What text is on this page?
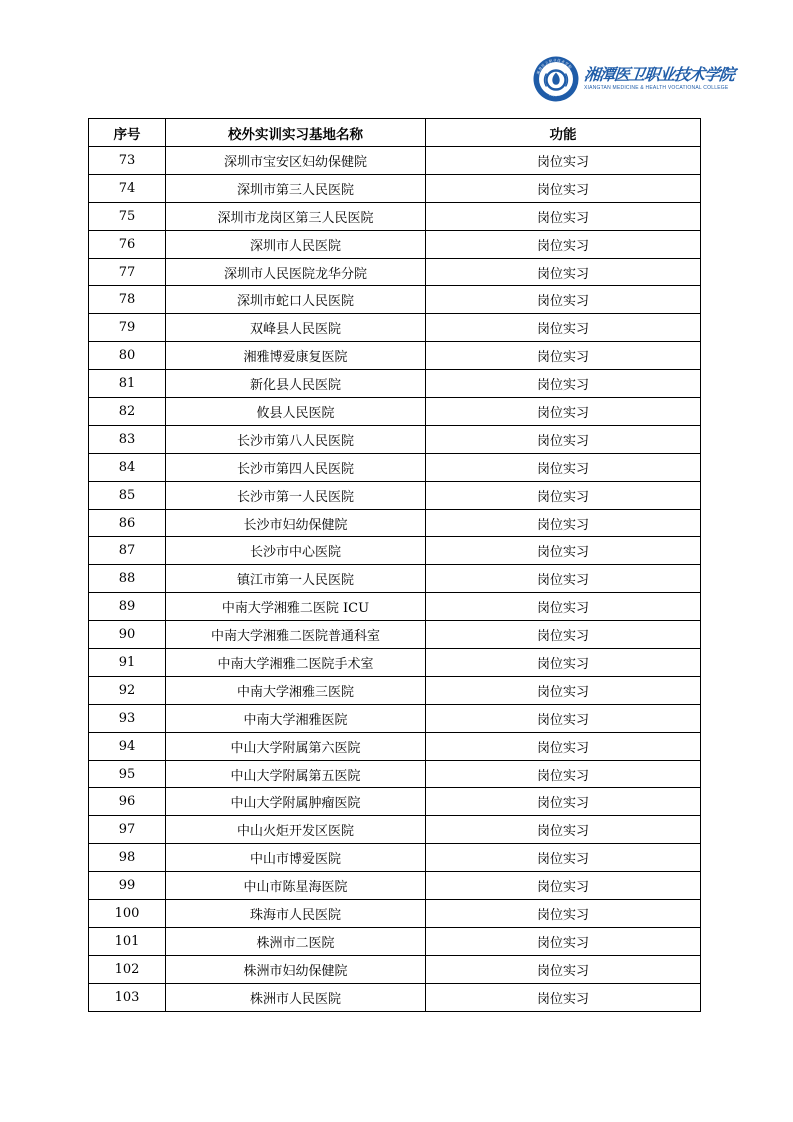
湘潭医卫职业技术学院
1958
湘潭医卫职业技术学院
XIANGTAN MEDICINE & HEALTH VOCATIONAL COLLEGE
序号	校外实训实习基地名称	功能
73	深圳市宝安区妇幼保健院	岗位实习
74	深圳市第三人民医院	岗位实习
75	深圳市龙岗区第三人民医院	岗位实习
76	深圳市人民医院	岗位实习
77	深圳市人民医院龙华分院	岗位实习
78	深圳市蛇口人民医院	岗位实习
79	双峰县人民医院	岗位实习
80	湘雅博爱康复医院	岗位实习
81	新化县人民医院	岗位实习
82	攸县人民医院	岗位实习
83	长沙市第八人民医院	岗位实习
84	长沙市第四人民医院	岗位实习
85	长沙市第一人民医院	岗位实习
86	长沙市妇幼保健院	岗位实习
87	长沙市中心医院	岗位实习
88	镇江市第一人民医院	岗位实习
89	中南大学湘雅二医院 ICU	岗位实习
90	中南大学湘雅二医院普通科室	岗位实习
91	中南大学湘雅二医院手术室	岗位实习
92	中南大学湘雅三医院	岗位实习
93	中南大学湘雅医院	岗位实习
94	中山大学附属第六医院	岗位实习
95	中山大学附属第五医院	岗位实习
96	中山大学附属肿瘤医院	岗位实习
97	中山火炬开发区医院	岗位实习
98	中山市博爱医院	岗位实习
99	中山市陈星海医院	岗位实习
100	珠海市人民医院	岗位实习
101	株洲市二医院	岗位实习
102	株洲市妇幼保健院	岗位实习
103	株洲市人民医院	岗位实习
